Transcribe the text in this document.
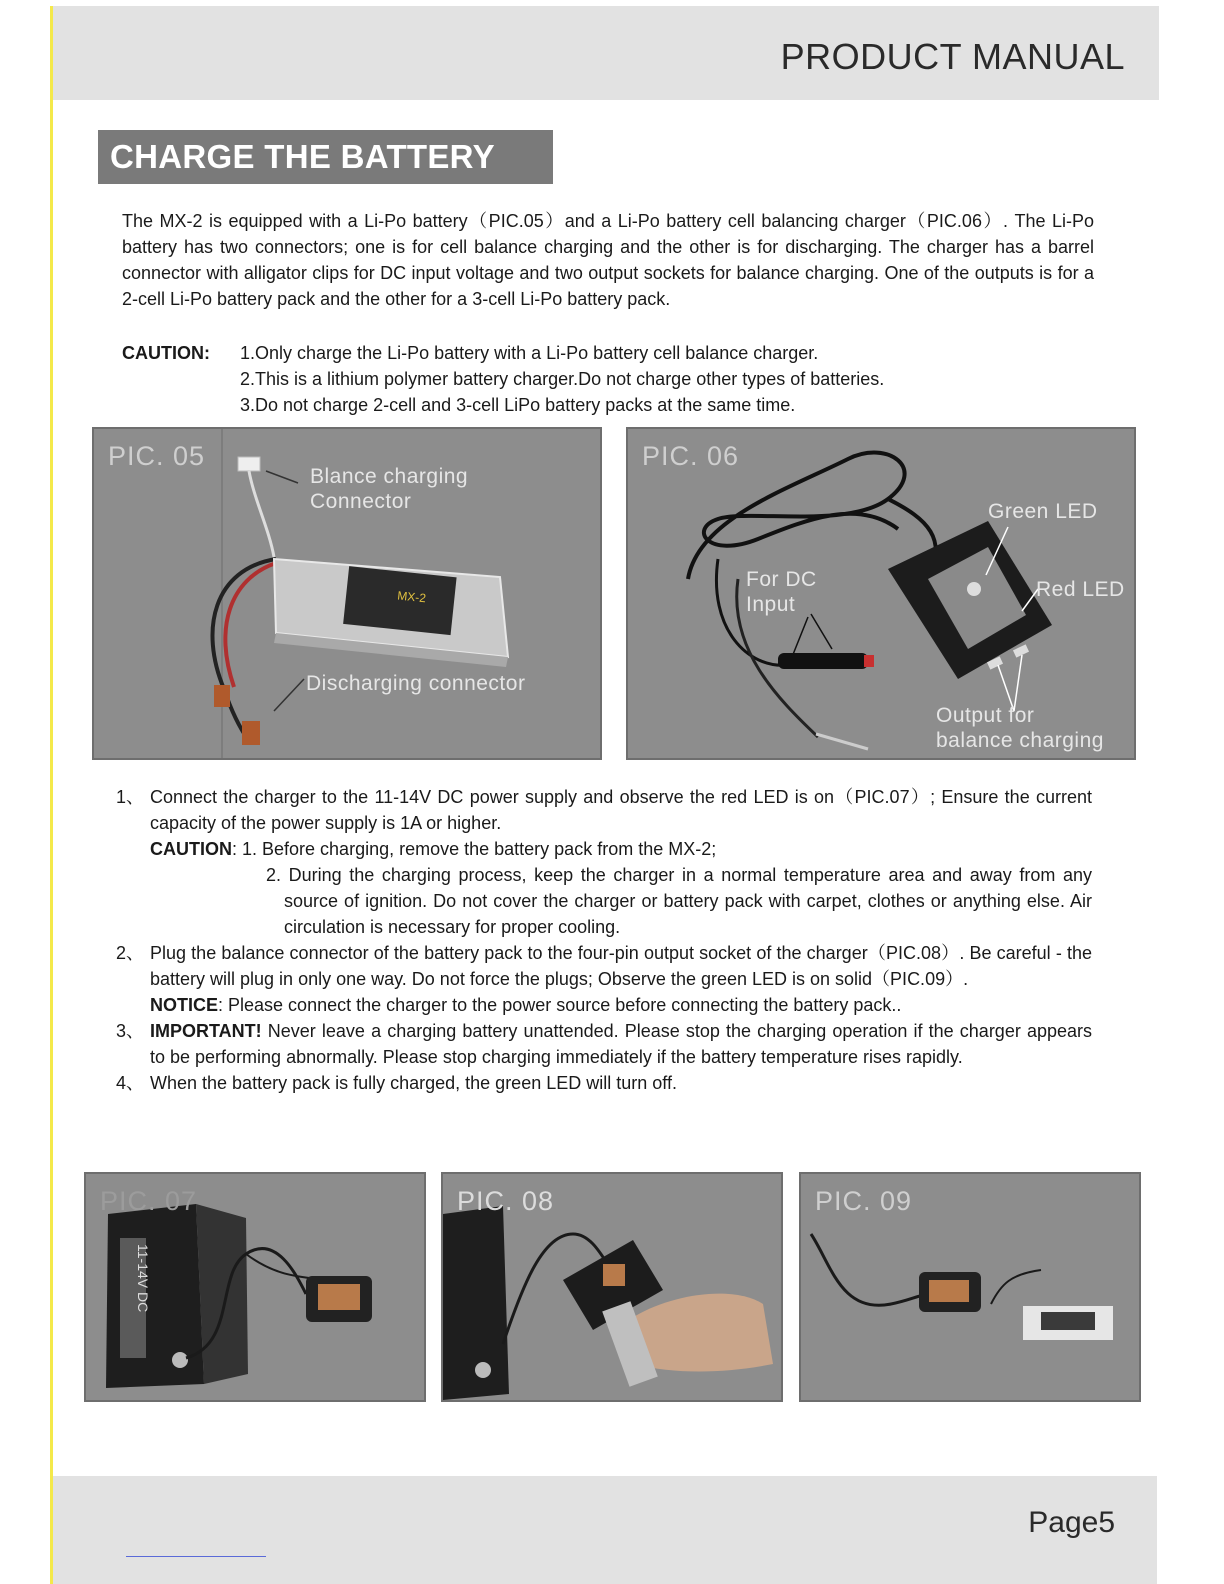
PRODUCT MANUAL
CHARGE THE BATTERY

The MX-2 is equipped with a Li-Po battery（PIC.05）and a Li-Po battery cell balancing charger（PIC.06）. The Li-Po battery has two connectors; one is for cell balance charging and the other is for discharging. The charger has a barrel connector with alligator clips for DC input voltage and two output sockets for balance charging. One of the outputs is for a 2-cell Li-Po battery pack and the other for a 3-cell Li-Po battery pack.

CAUTION: 1.Only charge the Li-Po battery with a Li-Po battery cell balance charger.
2.This is a lithium polymer battery charger.Do not charge other types of batteries.
3.Do not charge 2-cell and 3-cell LiPo battery packs at the same time.
MX-2
PIC. 05
Blance charging
Connector
Discharging connector
PIC. 06
Green LED
Red LED
For DC
Input
Output for
balance charging
1、 Connect the charger to the 11-14V DC power supply and observe the red LED is on（PIC.07）; Ensure the current capacity of the power supply is 1A or higher.
CAUTION: 1. Before charging, remove the battery pack from the MX-2;
2. During the charging process, keep the charger in a normal temperature area and away from any source of ignition. Do not cover the charger or battery pack with carpet, clothes or anything else. Air circulation is necessary for proper cooling.
2、 Plug the balance connector of the battery pack to the four-pin output socket of the charger（PIC.08）. Be careful - the battery will plug in only one way. Do not force the plugs; Observe the green LED is on solid（PIC.09）.
NOTICE: Please connect the charger to the power source before connecting the battery pack..
3、 IMPORTANT! Never leave a charging battery unattended. Please stop the charging operation if the charger appears to be performing abnormally. Please stop charging immediately if the battery temperature rises rapidly.
4、 When the battery pack is fully charged, the green LED will turn off.
11-14V DC
PIC. 07	PIC. 08	PIC. 09
Page5
